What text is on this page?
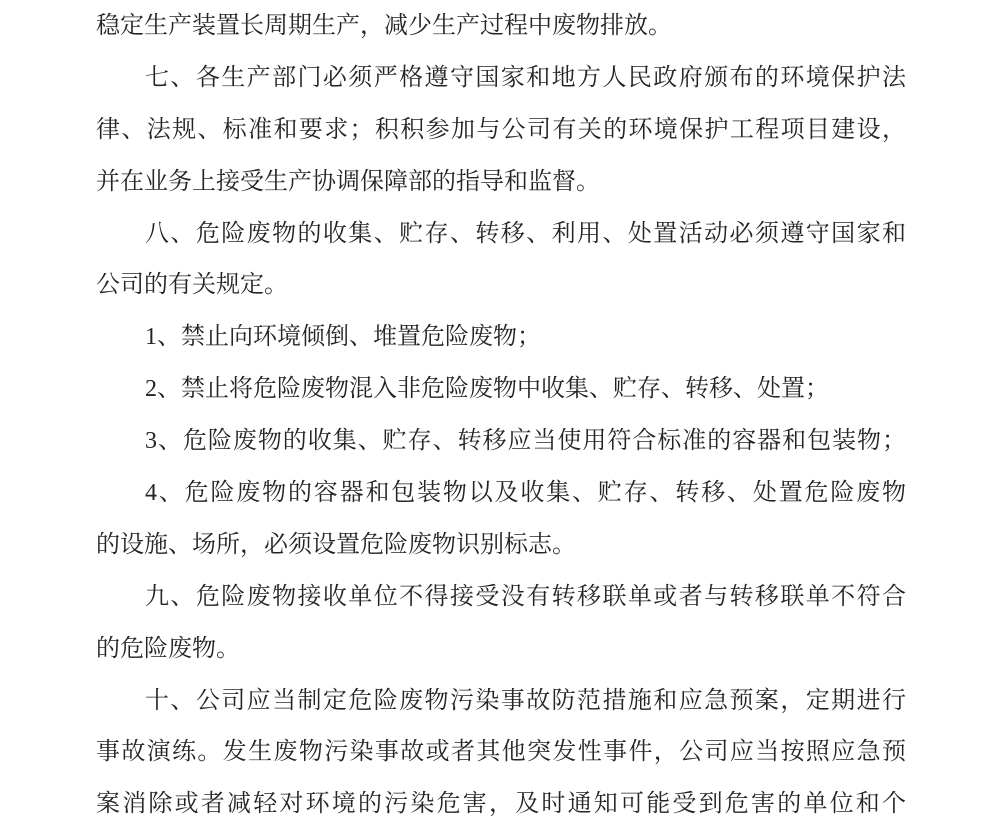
稳定生产装置长周期生产，减少生产过程中废物排放。
七、各生产部门必须严格遵守国家和地方人民政府颁布的环境保护法
律、法规、标准和要求；积积参加与公司有关的环境保护工程项目建设，
并在业务上接受生产协调保障部的指导和监督。
八、危险废物的收集、贮存、转移、利用、处置活动必须遵守国家和
公司的有关规定。
1、禁止向环境倾倒、堆置危险废物；
2、禁止将危险废物混入非危险废物中收集、贮存、转移、处置；
3、危险废物的收集、贮存、转移应当使用符合标准的容器和包装物；
4、危险废物的容器和包装物以及收集、贮存、转移、处置危险废物
的设施、场所，必须设置危险废物识别标志。
九、危险废物接收单位不得接受没有转移联单或者与转移联单不符合
的危险废物。
十、公司应当制定危险废物污染事故防范措施和应急预案，定期进行
事故演练。发生废物污染事故或者其他突发性事件，公司应当按照应急预
案消除或者减轻对环境的污染危害，及时通知可能受到危害的单位和个
